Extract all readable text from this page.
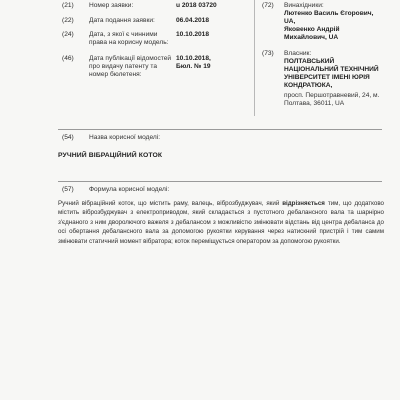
(21) Номер заявки:	u 2018 03720
(22) Дата подання заявки:	06.04.2018
(24) Дата, з якої є чинними
права на корисну модель:
10.10.2018
(46) Дата публікації відомостей
про видачу патенту та
номер бюлетеня:
10.10.2018,
Бюл. № 19
(72) Винахідники:
Лютенко Василь Єгорович,
UA,
Яковенко Андрій
Михайлович, UA
(73) Власник:
ПОЛТАВСЬКИЙ
НАЦІОНАЛЬНИЙ ТЕХНІЧНИЙ
УНІВЕРСИТЕТ ІМЕНІ ЮРІЯ
КОНДРАТЮКА,
просп. Першотравневий, 24, м.
Полтава, 36011, UA
(54) Назва корисної моделі:
РУЧНИЙ ВІБРАЦІЙНИЙ КОТОК
(57) Формула корисної моделі:
Ручний вібраційний коток, що містить раму, валець, віброзбуджувач, який відрізняється тим, що додатково містить віброзбуджувач з електроприводом, який складається з пустотного дебалансного вала та шарнірно з'єднаного з ним дворолючого важеля з дебалансом з можливістю змінювати відстань від центра дебаланса до осі обертання дебалансного вала за допомогою рукоятки керування через натискний пристрій і тим самим змінювати статичний момент вібратора; коток переміщується оператором за допомогою рукоятки.
